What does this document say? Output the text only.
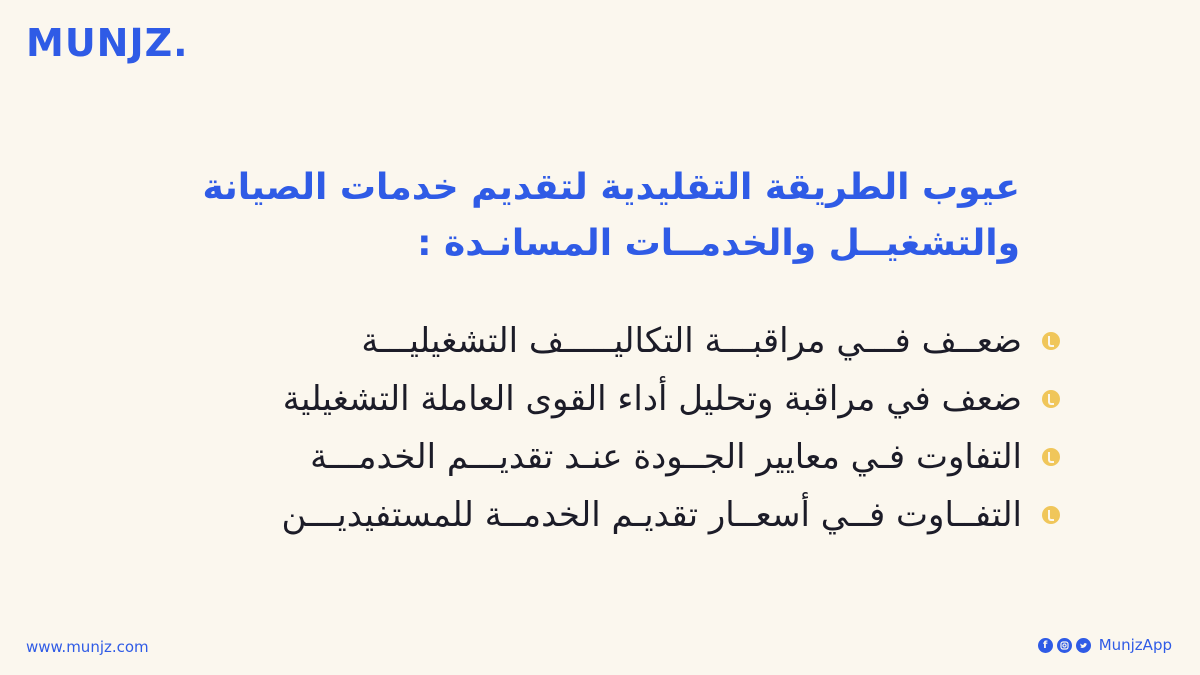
MUNJZ.
عيوب الطريقة التقليدية لتقديم خدمات الصيانة
والتشغيــل والخدمــات المسانـدة :
ضعــف فـــي مراقبـــة التكاليـــــف التشغيليـــة
ضعف في مراقبة وتحليل أداء القوى العاملة التشغيلية
التفاوت فـي معايير الجــودة عنـد تقديـــم الخدمـــة
التفــاوت فــي أسعــار تقديـم الخدمــة للمستفيديـــن
www.munjz.com	f	MunjzApp
